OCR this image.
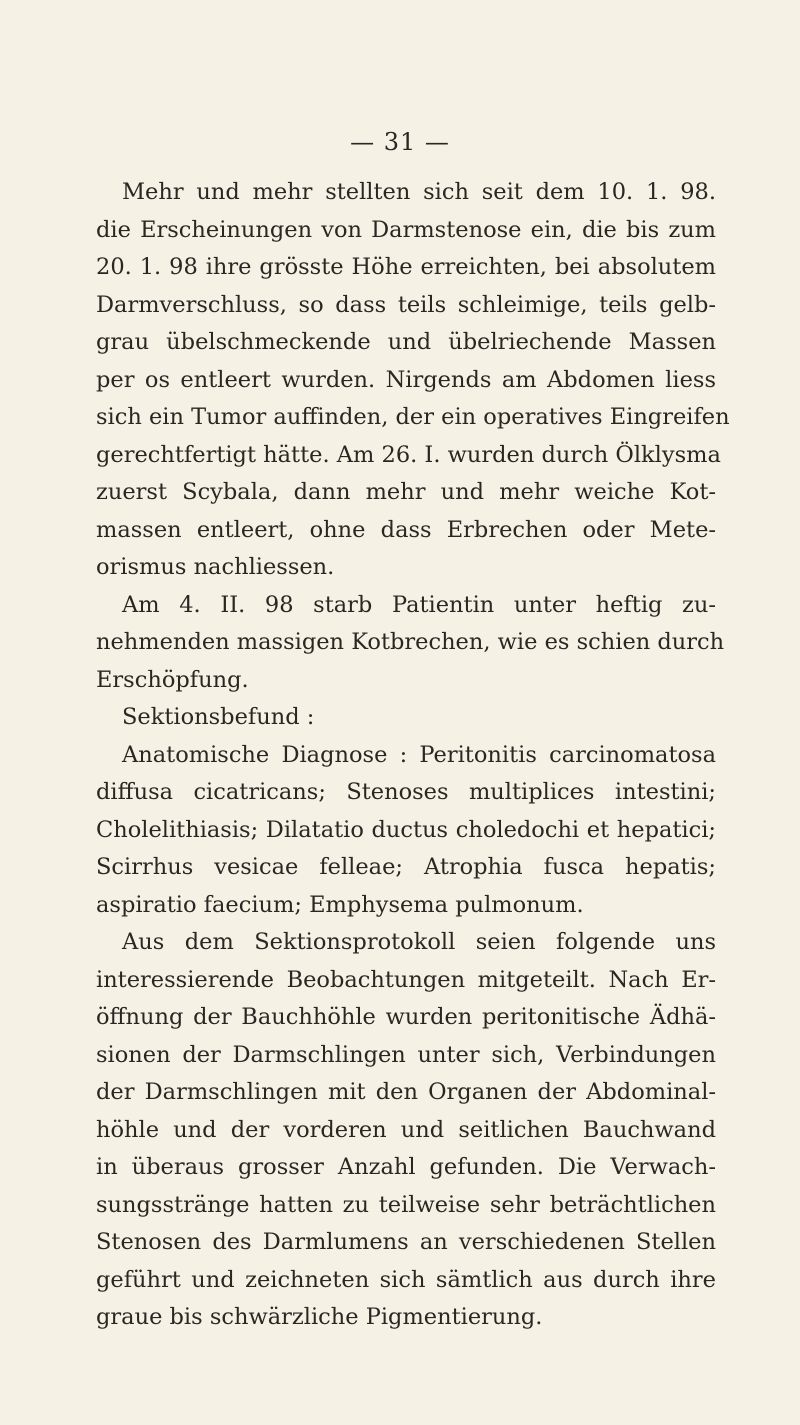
— 31 —
Mehr und mehr stellten sich seit dem 10. 1. 98.
die Erscheinungen von Darmstenose ein, die bis zum
20. 1. 98 ihre grösste Höhe erreichten, bei absolutem
Darmverschluss, so dass teils schleimige, teils gelb-
grau übelschmeckende und übelriechende Massen
per os entleert wurden. Nirgends am Abdomen liess
sich ein Tumor auffinden, der ein operatives Eingreifen
gerechtfertigt hätte. Am 26. I. wurden durch Ölklysma
zuerst Scybala, dann mehr und mehr weiche Kot-
massen entleert, ohne dass Erbrechen oder Mete-
orismus nachliessen.
Am 4. II. 98 starb Patientin unter heftig zu-
nehmenden massigen Kotbrechen, wie es schien durch
Erschöpfung.
Sektionsbefund :
Anatomische Diagnose : Peritonitis carcinomatosa
diffusa cicatricans; Stenoses multiplices intestini;
Cholelithiasis; Dilatatio ductus choledochi et hepatici;
Scirrhus vesicae felleae; Atrophia fusca hepatis;
aspiratio faecium; Emphysema pulmonum.
Aus dem Sektionsprotokoll seien folgende uns
interessierende Beobachtungen mitgeteilt. Nach Er-
öffnung der Bauchhöhle wurden peritonitische Ädhä-
sionen der Darmschlingen unter sich, Verbindungen
der Darmschlingen mit den Organen der Abdominal-
höhle und der vorderen und seitlichen Bauchwand
in überaus grosser Anzahl gefunden. Die Verwach-
sungsstränge hatten zu teilweise sehr beträchtlichen
Stenosen des Darmlumens an verschiedenen Stellen
geführt und zeichneten sich sämtlich aus durch ihre
graue bis schwärzliche Pigmentierung.
